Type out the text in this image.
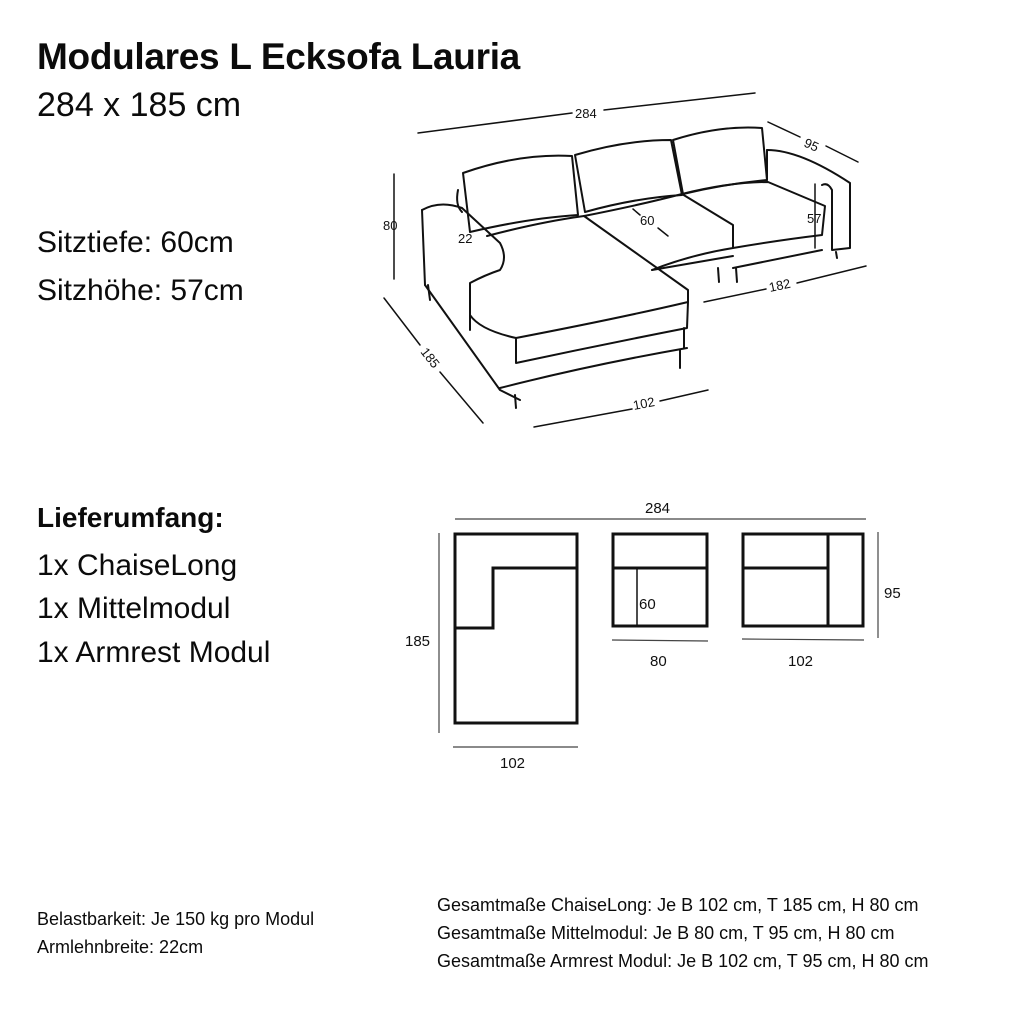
Modulares L Ecksofa Lauria
284 x 185 cm
Sitztiefe: 60cm
Sitzhöhe: 57cm
284
95
80
22
60	57
182
185
102
Lieferumfang:
1x ChaiseLong
1x Mittelmodul
1x Armrest Modul
284
185
102
60
80	102
95
Belastbarkeit: Je 150 kg pro Modul
Armlehnbreite: 22cm
Gesamtmaße ChaiseLong: Je B 102 cm, T 185 cm, H 80 cm
Gesamtmaße Mittelmodul: Je B 80 cm, T 95 cm, H 80 cm
Gesamtmaße Armrest Modul: Je B 102 cm, T 95 cm, H 80 cm
